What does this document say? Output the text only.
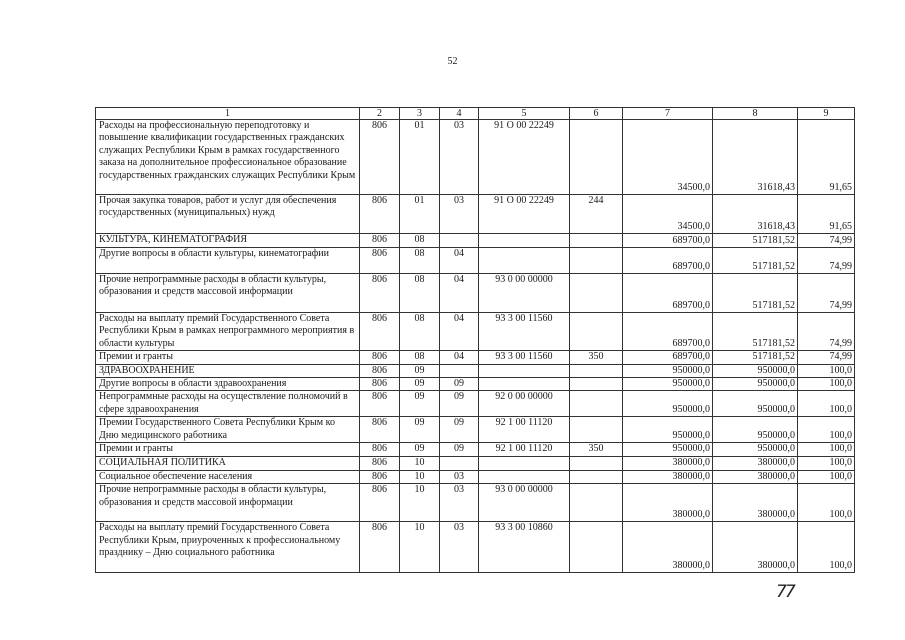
52
1	2	3	4	5	6	7	8	9
Расходы на профессиональную переподготовку и повышение квалификации государственных гражданских служащих Республики Крым в рамках государственного заказа на дополнительное профессиональное образование государственных гражданских служащих Республики Крым	806	01	03	91 О 00 22249		34500,0	31618,43	91,65
Прочая закупка товаров, работ и услуг для обеспечения государственных (муниципальных) нужд	806	01	03	91 О 00 22249	244	34500,0	31618,43	91,65
КУЛЬТУРА, КИНЕМАТОГРАФИЯ	806	08				689700,0	517181,52	74,99
Другие вопросы в области культуры, кинематографии	806	08	04			689700,0	517181,52	74,99
Прочие непрограммные расходы в области культуры, образования и средств массовой информации	806	08	04	93 0 00 00000		689700,0	517181,52	74,99
Расходы на выплату премий Государственного Совета Республики Крым в рамках непрограммного мероприятия в области культуры	806	08	04	93 3 00 11560		689700,0	517181,52	74,99
Премии и гранты	806	08	04	93 3 00 11560	350	689700,0	517181,52	74,99
ЗДРАВООХРАНЕНИЕ	806	09				950000,0	950000,0	100,0
Другие вопросы в области здравоохранения	806	09	09			950000,0	950000,0	100,0
Непрограммные расходы на осуществление полномочий в сфере здравоохранения	806	09	09	92 0 00 00000		950000,0	950000,0	100,0
Премии Государственного Совета Республики Крым ко Дню медицинского работника	806	09	09	92 1 00 11120		950000,0	950000,0	100,0
Премии и гранты	806	09	09	92 1 00 11120	350	950000,0	950000,0	100,0
СОЦИАЛЬНАЯ ПОЛИТИКА	806	10				380000,0	380000,0	100,0
Социальное обеспечение населения	806	10	03			380000,0	380000,0	100,0
Прочие непрограммные расходы в области культуры, образования и средств массовой информации	806	10	03	93 0 00 00000		380000,0	380000,0	100,0
Расходы на выплату премий Государственного Совета Республики Крым, приуроченных к профессиональному празднику – Дню социального работника	806	10	03	93 3 00 10860		380000,0	380000,0	100,0
77
